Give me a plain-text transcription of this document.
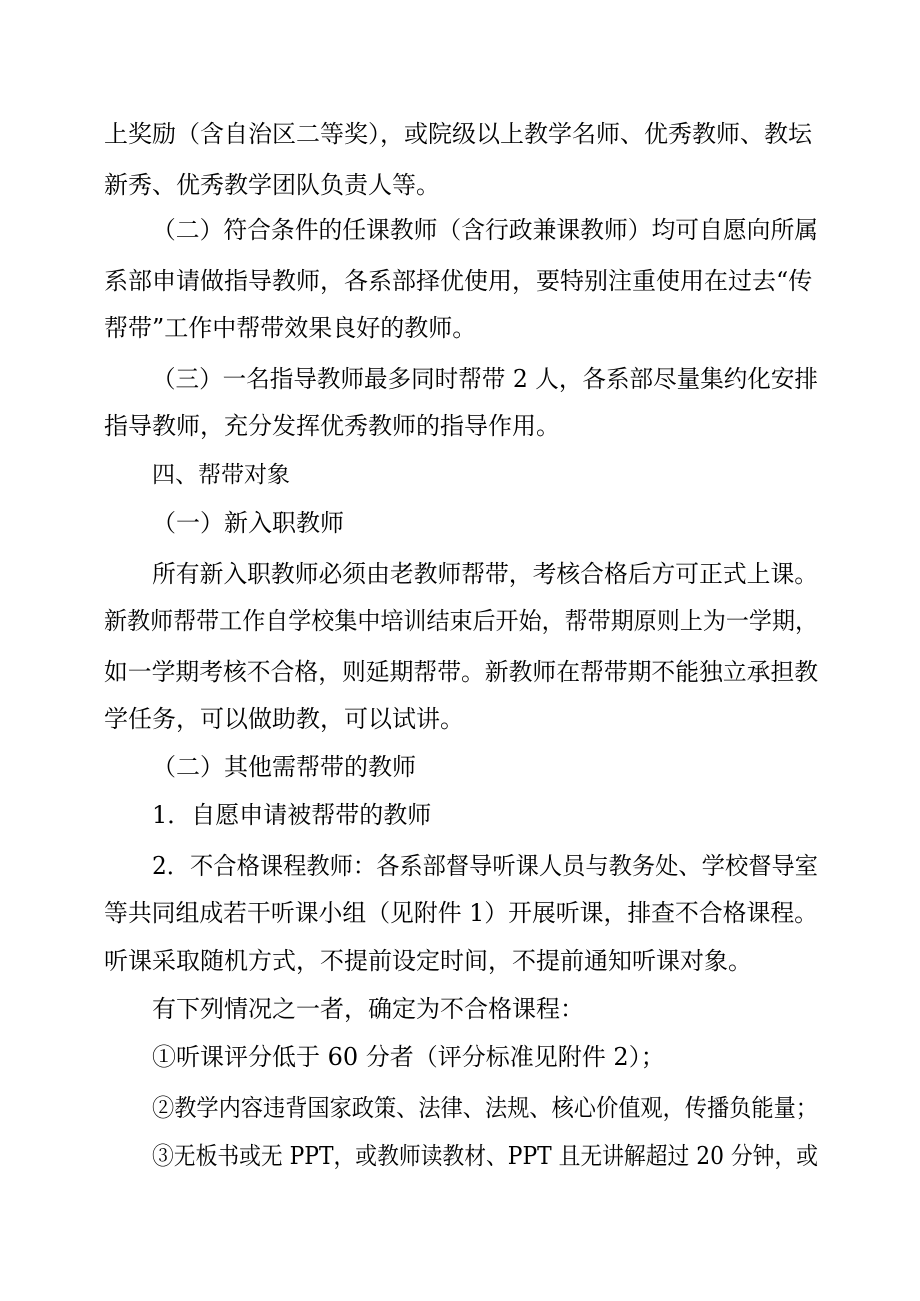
上奖励（含自治区二等奖），或院级以上教学名师、优秀教师、教坛
新秀、优秀教学团队负责人等。
（二）符合条件的任课教师（含行政兼课教师）均可自愿向所属
系部申请做指导教师，各系部择优使用，要特别注重使用在过去“传
帮带”工作中帮带效果良好的教师。
（三）一名指导教师最多同时帮带 2 人，各系部尽量集约化安排
指导教师，充分发挥优秀教师的指导作用。
四、帮带对象
（一）新入职教师
所有新入职教师必须由老教师帮带，考核合格后方可正式上课。
新教师帮带工作自学校集中培训结束后开始，帮带期原则上为一学期，
如一学期考核不合格，则延期帮带。新教师在帮带期不能独立承担教
学任务，可以做助教，可以试讲。
（二）其他需帮带的教师
1．自愿申请被帮带的教师
2．不合格课程教师：各系部督导听课人员与教务处、学校督导室
等共同组成若干听课小组（见附件 1）开展听课，排查不合格课程。
听课采取随机方式，不提前设定时间，不提前通知听课对象。
有下列情况之一者，确定为不合格课程：
①听课评分低于 60 分者（评分标准见附件 2）；
②教学内容违背国家政策、法律、法规、核心价值观，传播负能量；
③无板书或无 PPT，或教师读教材、PPT 且无讲解超过 20 分钟，或
